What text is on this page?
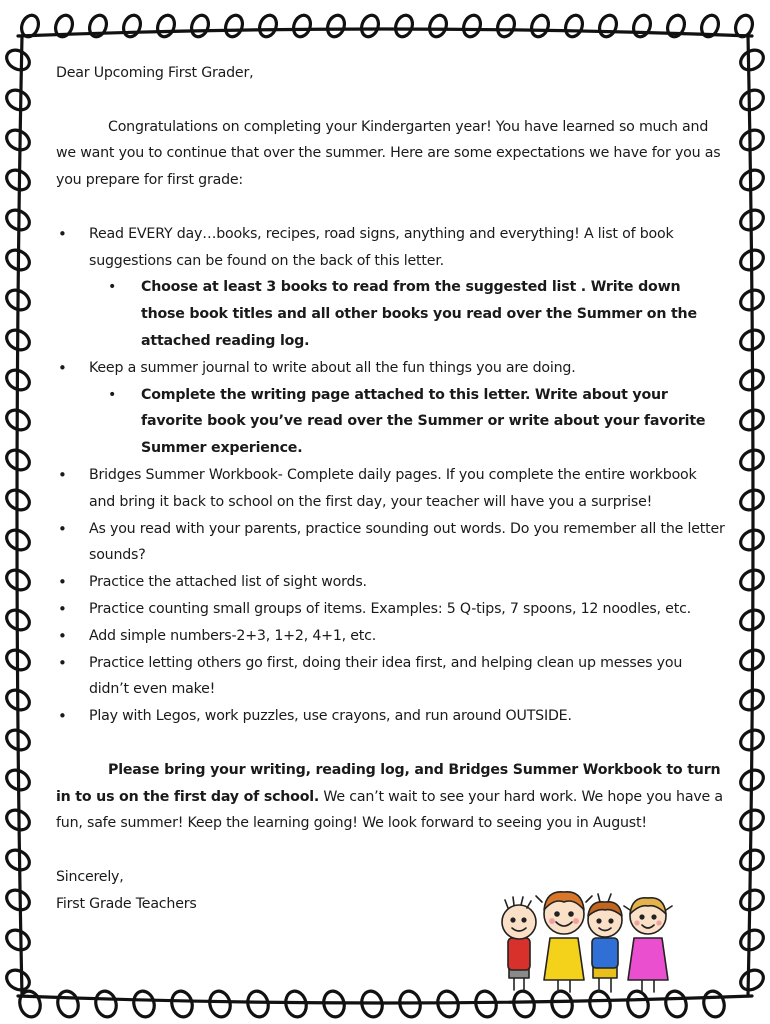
Dear Upcoming First Grader,

Congratulations on completing your Kindergarten year! You have learned so much and we want you to continue that over the summer. Here are some expectations we have for you as you prepare for first grade:

• Read EVERY day…books, recipes, road signs, anything and everything! A list of book suggestions can be found on the back of this letter.
• Choose at least 3 books to read from the suggested list . Write down those book titles and all other books you read over the Summer on the attached reading log.
• Keep a summer journal to write about all the fun things you are doing.
• Complete the writing page attached to this letter. Write about your favorite book you’ve read over the Summer or write about your favorite Summer experience.
• Bridges Summer Workbook- Complete daily pages. If you complete the entire workbook and bring it back to school on the first day, your teacher will have you a surprise!
• As you read with your parents, practice sounding out words. Do you remember all the letter sounds?
• Practice the attached list of sight words.
• Practice counting small groups of items. Examples: 5 Q-tips, 7 spoons, 12 noodles, etc.
• Add simple numbers-2+3, 1+2, 4+1, etc.
• Practice letting others go first, doing their idea first, and helping clean up messes you didn’t even make!
• Play with Legos, work puzzles, use crayons, and run around OUTSIDE.

Please bring your writing, reading log, and Bridges Summer Workbook to turn in to us on the first day of school. We can’t wait to see your hard work. We hope you have a fun, safe summer! Keep the learning going! We look forward to seeing you in August!

Sincerely,

First Grade Teachers
